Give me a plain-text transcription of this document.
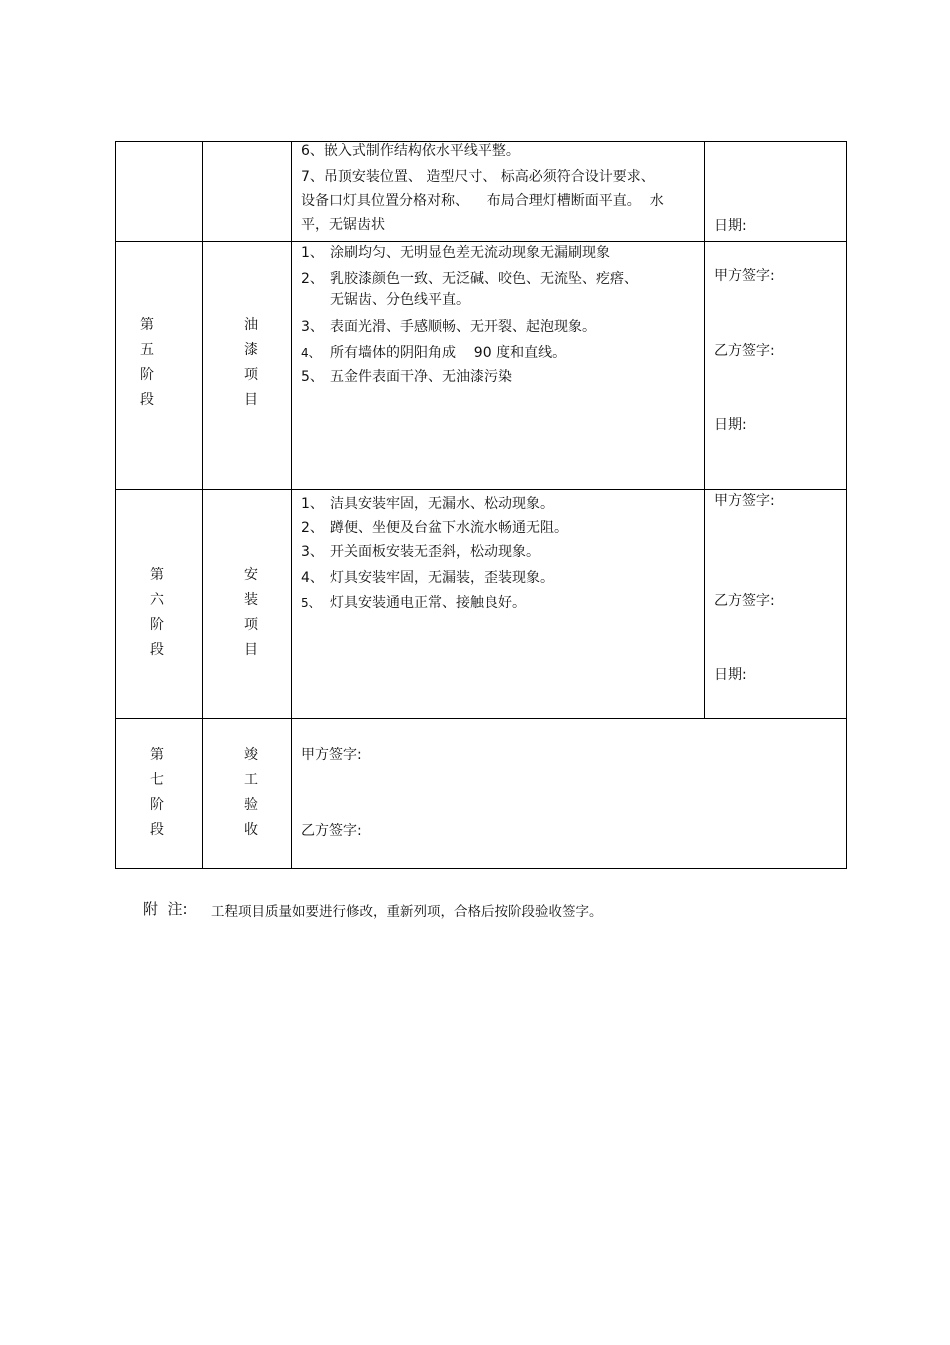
6、嵌入式制作结构依水平线平整。
7、吊顶安装位置、 造型尺寸、 标高必须符合设计要求、
设备口灯具位置分格对称、    布局合理灯槽断面平直。  水
平，无锯齿状	日期:
第
五
阶
段
油
漆
项
目
1、 涂刷均匀、无明显色差无流动现象无漏刷现象
2、 乳胶漆颜色一致、无泛碱、咬色、无流坠、疙瘩、
无锯齿、分色线平直。
3、 表面光滑、手感顺畅、无开裂、起泡现象。
4、 所有墙体的阴阳角成    90 度和直线。
5、 五金件表面干净、无油漆污染
甲方签字:
乙方签字:
日期:
第
六
阶
段
安
装
项
目
1、 洁具安装牢固，无漏水、松动现象。
2、 蹲便、坐便及台盆下水流水畅通无阻。
3、 开关面板安装无歪斜，松动现象。
4、 灯具安装牢固，无漏装，歪装现象。
5、 灯具安装通电正常、接触良好。
甲方签字:
乙方签字:
日期:
第
七
阶
段
竣
工
验
收
甲方签字:
乙方签字:
附  注: 工程项目质量如要进行修改，重新列项，合格后按阶段验收签字。
